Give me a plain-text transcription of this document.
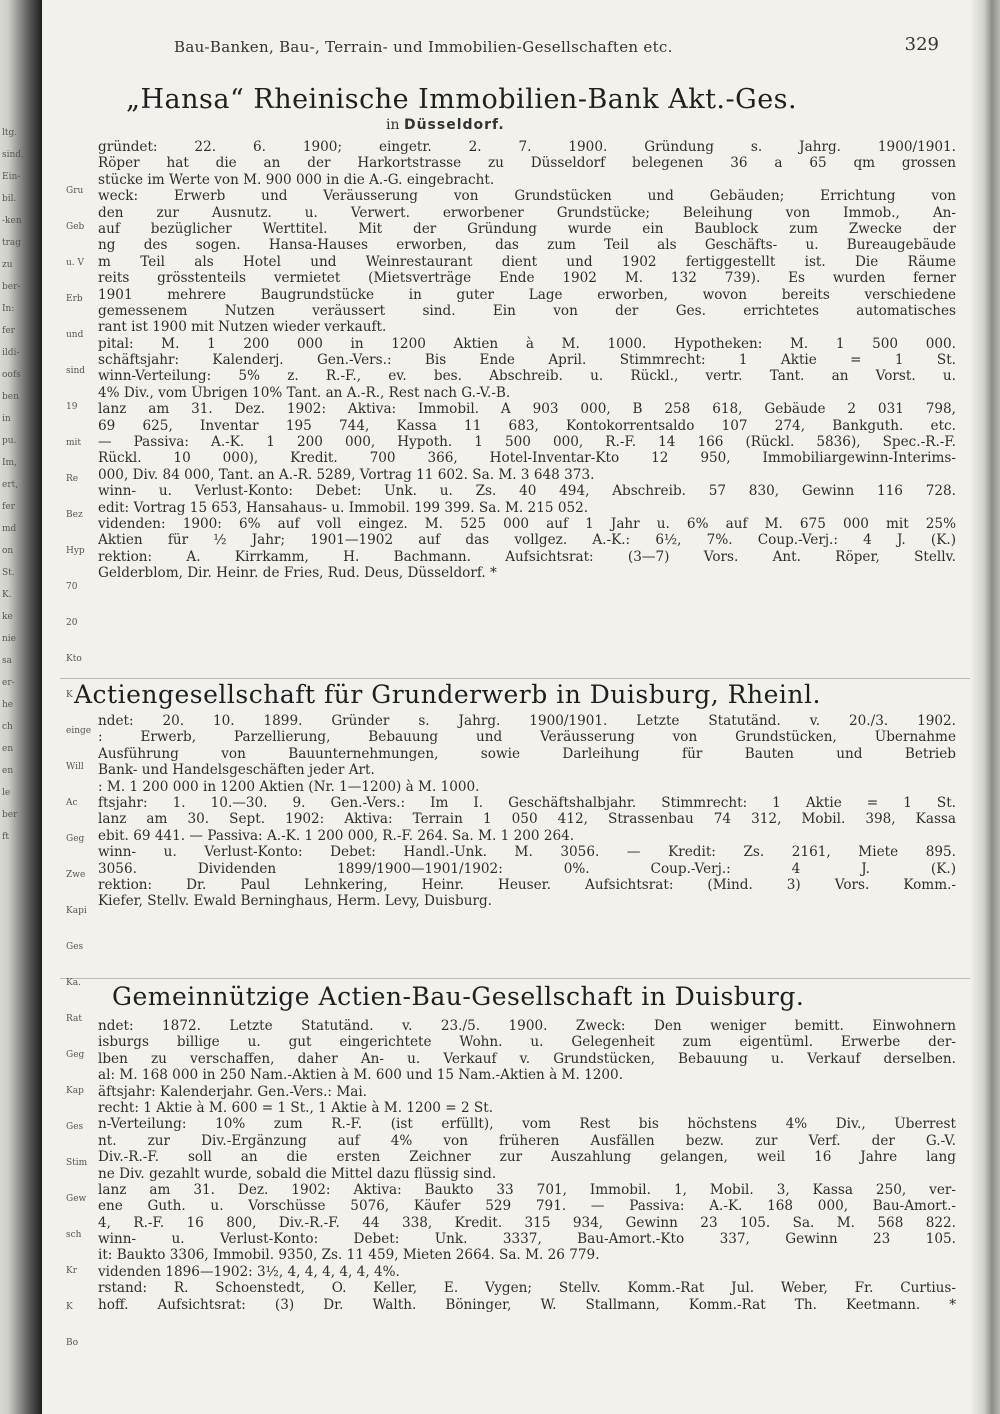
ltg.
sind,
Ein-
bil.
-ken
trag
zu
ber-
In:
fer
ildi-
oofs
ben
in
pu.
Im,
ert,
fer
md
on
St.
K.
ke
nie
sa
er-
he
ch
en
en
le
ber
ft
Bau-Banken, Bau-, Terrain- und Immobilien-Gesellschaften etc.	329
„Hansa“ Rheinische Immobilien-Bank Akt.-Ges.
in Düsseldorf.
gründet: 22. 6. 1900; eingetr. 2. 7. 1900. Gründung s. Jahrg. 1900/1901.
Röper hat die an der Harkortstrasse zu Düsseldorf belegenen 36 a 65 qm grossen
stücke im Werte von M. 900 000 in die A.-G. eingebracht.
weck: Erwerb und Veräusserung von Grundstücken und Gebäuden; Errichtung von
den zur Ausnutz. u. Verwert. erworbener Grundstücke; Beleihung von Immob., An-
auf bezüglicher Werttitel. Mit der Gründung wurde ein Baublock zum Zwecke der
ng des sogen. Hansa-Hauses erworben, das zum Teil als Geschäfts- u. Bureaugebäude
m Teil als Hotel und Weinrestaurant dient und 1902 fertiggestellt ist. Die Räume
reits grösstenteils vermietet (Mietsverträge Ende 1902 M. 132 739). Es wurden ferner
1901 mehrere Baugrundstücke in guter Lage erworben, wovon bereits verschiedene
gemessenem Nutzen veräussert sind. Ein von der Ges. errichtetes automatisches
rant ist 1900 mit Nutzen wieder verkauft.
pital: M. 1 200 000 in 1200 Aktien à M. 1000. Hypotheken: M. 1 500 000.
schäftsjahr: Kalenderj. Gen.-Vers.: Bis Ende April. Stimmrecht: 1 Aktie = 1 St.
winn-Verteilung: 5% z. R.-F., ev. bes. Abschreib. u. Rückl., vertr. Tant. an Vorst. u.
4% Div., vom Übrigen 10% Tant. an A.-R., Rest nach G.-V.-B.
lanz am 31. Dez. 1902: Aktiva: Immobil. A 903 000, B 258 618, Gebäude 2 031 798,
69 625, Inventar 195 744, Kassa 11 683, Kontokorrentsaldo 107 274, Bankguth. etc.
— Passiva: A.-K. 1 200 000, Hypoth. 1 500 000, R.-F. 14 166 (Rückl. 5836), Spec.-R.-F.
Rückl. 10 000), Kredit. 700 366, Hotel-Inventar-Kto 12 950, Immobiliargewinn-Interims-
000, Div. 84 000, Tant. an A.-R. 5289, Vortrag 11 602. Sa. M. 3 648 373.
winn- u. Verlust-Konto: Debet: Unk. u. Zs. 40 494, Abschreib. 57 830, Gewinn 116 728.
edit: Vortrag 15 653, Hansahaus- u. Immobil. 199 399. Sa. M. 215 052.
videnden: 1900: 6% auf voll eingez. M. 525 000 auf 1 Jahr u. 6% auf M. 675 000 mit 25%
Aktien für ½ Jahr; 1901—1902 auf das vollgez. A.-K.: 6½, 7%. Coup.-Verj.: 4 J. (K.)
rektion: A. Kirrkamm, H. Bachmann. Aufsichtsrat: (3—7) Vors. Ant. Röper, Stellv.
Gelderblom, Dir. Heinr. de Fries, Rud. Deus, Düsseldorf. *
Actiengesellschaft für Grunderwerb in Duisburg, Rheinl.
ndet: 20. 10. 1899. Gründer s. Jahrg. 1900/1901. Letzte Statutänd. v. 20./3. 1902.
: Erwerb, Parzellierung, Bebauung und Veräusserung von Grundstücken, Übernahme
Ausführung von Bauunternehmungen, sowie Darleihung für Bauten und Betrieb
Bank- und Handelsgeschäften jeder Art.
: M. 1 200 000 in 1200 Aktien (Nr. 1—1200) à M. 1000.
ftsjahr: 1. 10.—30. 9. Gen.-Vers.: Im I. Geschäftshalbjahr. Stimmrecht: 1 Aktie = 1 St.
lanz am 30. Sept. 1902: Aktiva: Terrain 1 050 412, Strassenbau 74 312, Mobil. 398, Kassa
ebit. 69 441. — Passiva: A.-K. 1 200 000, R.-F. 264. Sa. M. 1 200 264.
winn- u. Verlust-Konto: Debet: Handl.-Unk. M. 3056. — Kredit: Zs. 2161, Miete 895.
3056. Dividenden 1899/1900—1901/1902: 0%. Coup.-Verj.: 4 J. (K.)
rektion: Dr. Paul Lehnkering, Heinr. Heuser. Aufsichtsrat: (Mind. 3) Vors. Komm.-
Kiefer, Stellv. Ewald Berninghaus, Herm. Levy, Duisburg.
Gemeinnützige Actien-Bau-Gesellschaft in Duisburg.
ndet: 1872. Letzte Statutänd. v. 23./5. 1900. Zweck: Den weniger bemitt. Einwohnern
isburgs billige u. gut eingerichtete Wohn. u. Gelegenheit zum eigentüml. Erwerbe der-
lben zu verschaffen, daher An- u. Verkauf v. Grundstücken, Bebauung u. Verkauf derselben.
al: M. 168 000 in 250 Nam.-Aktien à M. 600 und 15 Nam.-Aktien à M. 1200.
äftsjahr: Kalenderjahr. Gen.-Vers.: Mai.
recht: 1 Aktie à M. 600 = 1 St., 1 Aktie à M. 1200 = 2 St.
n-Verteilung: 10% zum R.-F. (ist erfüllt), vom Rest bis höchstens 4% Div., Überrest
nt. zur Div.-Ergänzung auf 4% von früheren Ausfällen bezw. zur Verf. der G.-V.
Div.-R.-F. soll an die ersten Zeichner zur Auszahlung gelangen, weil 16 Jahre lang
ne Div. gezahlt wurde, sobald die Mittel dazu flüssig sind.
lanz am 31. Dez. 1902: Aktiva: Baukto 33 701, Immobil. 1, Mobil. 3, Kassa 250, ver-
ene Guth. u. Vorschüsse 5076, Käufer 529 791. — Passiva: A.-K. 168 000, Bau-Amort.-
4, R.-F. 16 800, Div.-R.-F. 44 338, Kredit. 315 934, Gewinn 23 105. Sa. M. 568 822.
winn- u. Verlust-Konto: Debet: Unk. 3337, Bau-Amort.-Kto 337, Gewinn 23 105.
it: Baukto 3306, Immobil. 9350, Zs. 11 459, Mieten 2664. Sa. M. 26 779.
videnden 1896—1902: 3½, 4, 4, 4, 4, 4, 4%.
rstand: R. Schoenstedt, O. Keller, E. Vygen; Stellv. Komm.-Rat Jul. Weber, Fr. Curtius-
hoff. Aufsichtsrat: (3) Dr. Walth. Böninger, W. Stallmann, Komm.-Rat Th. Keetmann. *
Gru
Geb
u. V
Erb
und
sind
19
mit
Re
Bez
Hyp
70
20
Kto
K
einge
Will
Ac
Geg
Zwe
Kapi
Ges
Ka.
Rat
Geg
Kap
Ges
Stim
Gew
sch
Kr
K
Bo
